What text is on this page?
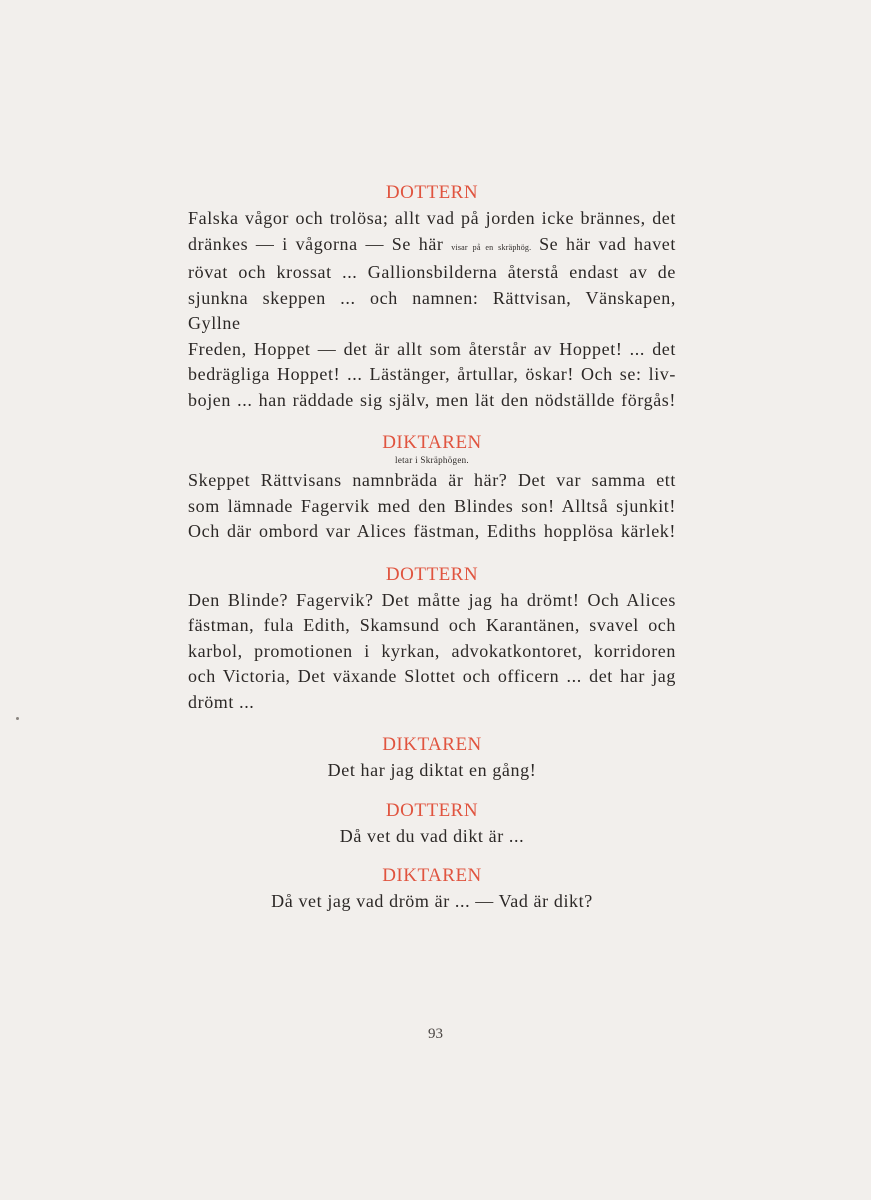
DOTTERN
Falska vågor och trolösa; allt vad på jorden icke brännes, det
dränkes — i vågorna — Se här visar på en skräphög. Se här vad havet
rövat och krossat ... Gallionsbilderna återstå endast av de
sjunkna skeppen ... och namnen: Rättvisan, Vänskapen, Gyllne
Freden, Hoppet — det är allt som återstår av Hoppet! ... det
bedrägliga Hoppet! ... Lästänger, årtullar, öskar! Och se: liv-
bojen ... han räddade sig själv, men lät den nödställde förgås!
DIKTAREN
letar i Skräphögen.
Skeppet Rättvisans namnbräda är här? Det var samma ett
som lämnade Fagervik med den Blindes son! Alltså sjunkit!
Och där ombord var Alices fästman, Ediths hopplösa kärlek!
DOTTERN
Den Blinde? Fagervik? Det måtte jag ha drömt! Och Alices
fästman, fula Edith, Skamsund och Karantänen, svavel och
karbol, promotionen i kyrkan, advokatkontoret, korridoren
och Victoria, Det växande Slottet och officern ... det har jag
drömt ...
DIKTAREN
Det har jag diktat en gång!
DOTTERN
Då vet du vad dikt är ...
DIKTAREN
Då vet jag vad dröm är ... — Vad är dikt?
93
